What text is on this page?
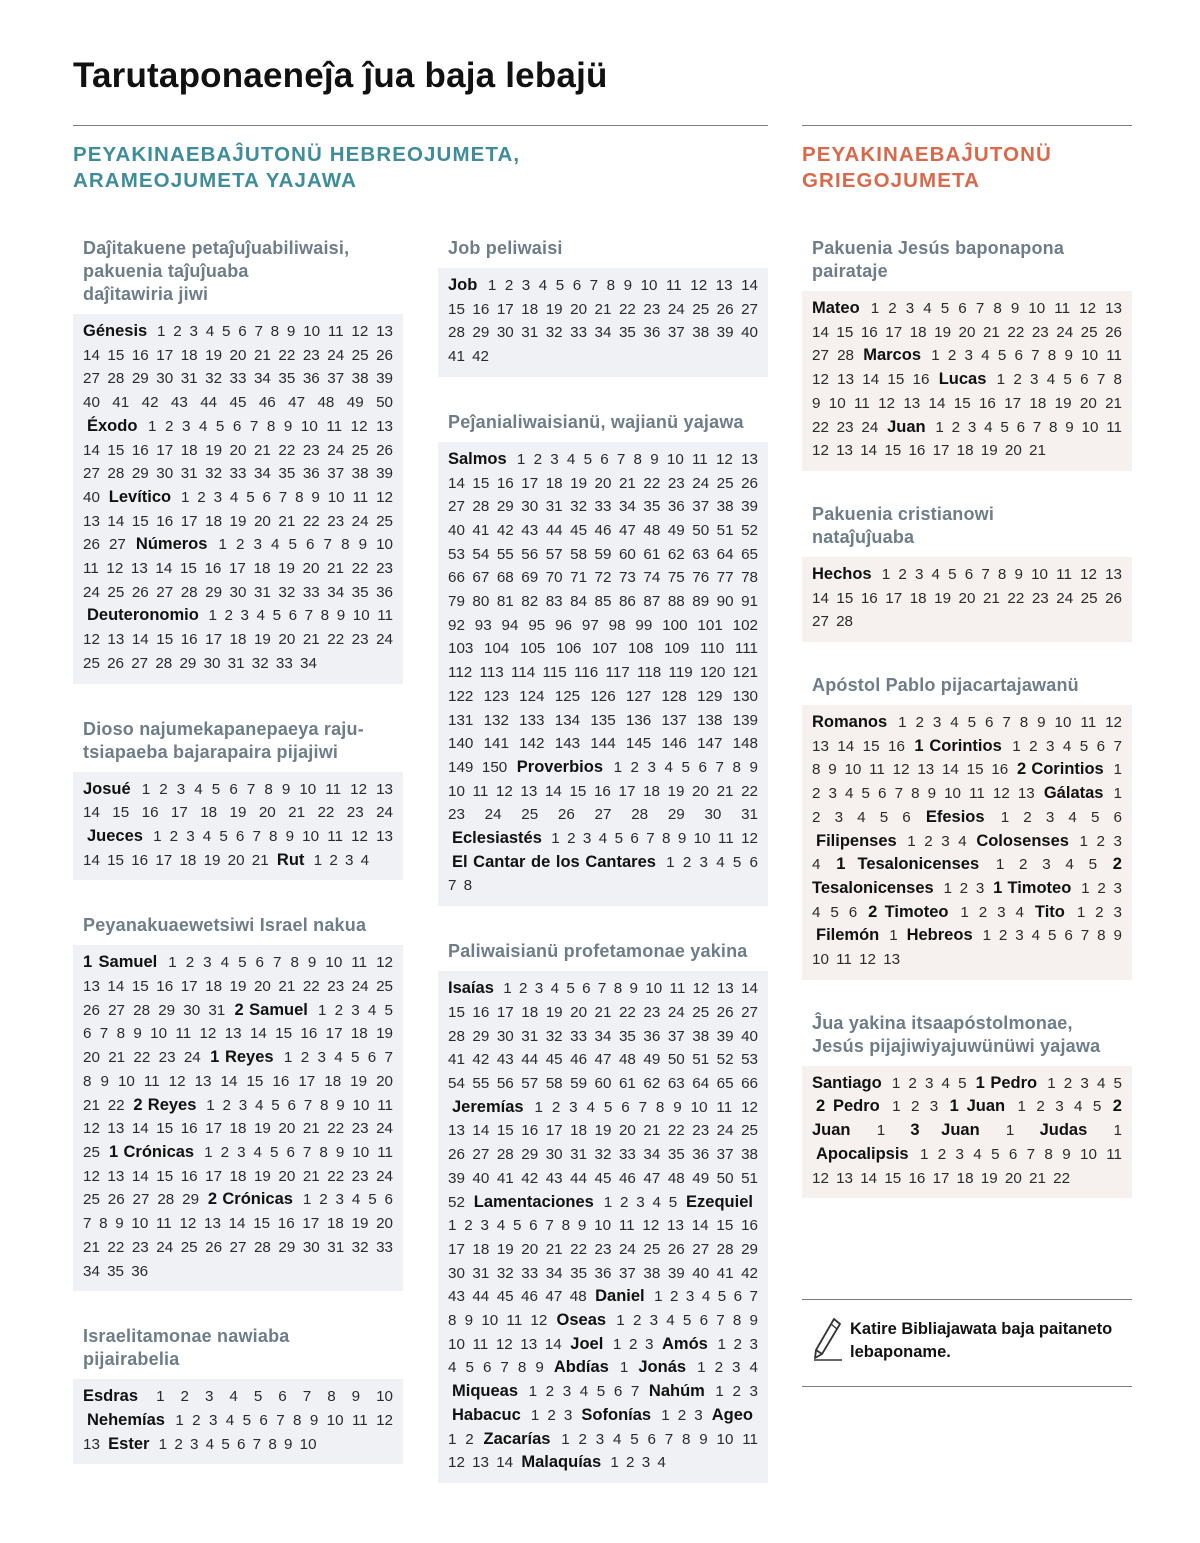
Tarutaponaeneĵa ĵua baja lebajü
PEYAKINAEBAĴUTONÜ HEBREOJUMETA,
ARAMEOJUMETA YAJAWA
PEYAKINAEBAĴUTONÜ
GRIEGOJUMETA
Daĵitakuene petaĵuĵuabiliwaisi,
pakuenia taĵuĵuaba
daĵitawiria jiwi
Génesis 1 2 3 4 5 6 7 8 9 10 11 12 13 14 15 16 17 18 19 20 21 22 23 24 25 26 27 28 29 30 31 32 33 34 35 36 37 38 39 40 41 42 43 44 45 46 47 48 49 50 Éxodo 1 2 3 4 5 6 7 8 9 10 11 12 13 14 15 16 17 18 19 20 21 22 23 24 25 26 27 28 29 30 31 32 33 34 35 36 37 38 39 40 Levítico 1 2 3 4 5 6 7 8 9 10 11 12 13 14 15 16 17 18 19 20 21 22 23 24 25 26 27 Números 1 2 3 4 5 6 7 8 9 10 11 12 13 14 15 16 17 18 19 20 21 22 23 24 25 26 27 28 29 30 31 32 33 34 35 36 Deuteronomio 1 2 3 4 5 6 7 8 9 10 11 12 13 14 15 16 17 18 19 20 21 22 23 24 25 26 27 28 29 30 31 32 33 34
Dioso najumekapanepaeya raju-
tsiapaeba bajarapaira pijajiwi
Josué 1 2 3 4 5 6 7 8 9 10 11 12 13 14 15 16 17 18 19 20 21 22 23 24 Jueces 1 2 3 4 5 6 7 8 9 10 11 12 13 14 15 16 17 18 19 20 21 Rut 1 2 3 4
Peyanakuaewetsiwi Israel nakua
1 Samuel 1 2 3 4 5 6 7 8 9 10 11 12 13 14 15 16 17 18 19 20 21 22 23 24 25 26 27 28 29 30 31 2 Samuel 1 2 3 4 5 6 7 8 9 10 11 12 13 14 15 16 17 18 19 20 21 22 23 24 1 Reyes 1 2 3 4 5 6 7 8 9 10 11 12 13 14 15 16 17 18 19 20 21 22 2 Reyes 1 2 3 4 5 6 7 8 9 10 11 12 13 14 15 16 17 18 19 20 21 22 23 24 25 1 Crónicas 1 2 3 4 5 6 7 8 9 10 11 12 13 14 15 16 17 18 19 20 21 22 23 24 25 26 27 28 29 2 Crónicas 1 2 3 4 5 6 7 8 9 10 11 12 13 14 15 16 17 18 19 20 21 22 23 24 25 26 27 28 29 30 31 32 33 34 35 36
Israelitamonae nawiaba
pijairabelia
Esdras 1 2 3 4 5 6 7 8 9 10 Nehemías 1 2 3 4 5 6 7 8 9 10 11 12 13 Ester 1 2 3 4 5 6 7 8 9 10
Job peliwaisi
Job 1 2 3 4 5 6 7 8 9 10 11 12 13 14 15 16 17 18 19 20 21 22 23 24 25 26 27 28 29 30 31 32 33 34 35 36 37 38 39 40 41 42
Peĵanialiwaisianü, wajianü yajawa
Salmos 1 2 3 4 5 6 7 8 9 10 11 12 13 14 15 16 17 18 19 20 21 22 23 24 25 26 27 28 29 30 31 32 33 34 35 36 37 38 39 40 41 42 43 44 45 46 47 48 49 50 51 52 53 54 55 56 57 58 59 60 61 62 63 64 65 66 67 68 69 70 71 72 73 74 75 76 77 78 79 80 81 82 83 84 85 86 87 88 89 90 91 92 93 94 95 96 97 98 99 100 101 102 103 104 105 106 107 108 109 110 111 112 113 114 115 116 117 118 119 120 121 122 123 124 125 126 127 128 129 130 131 132 133 134 135 136 137 138 139 140 141 142 143 144 145 146 147 148 149 150 Proverbios 1 2 3 4 5 6 7 8 9 10 11 12 13 14 15 16 17 18 19 20 21 22 23 24 25 26 27 28 29 30 31 Eclesiastés 1 2 3 4 5 6 7 8 9 10 11 12 El Cantar de los Cantares 1 2 3 4 5 6 7 8
Paliwaisianü profetamonae yakina
Isaías 1 2 3 4 5 6 7 8 9 10 11 12 13 14 15 16 17 18 19 20 21 22 23 24 25 26 27 28 29 30 31 32 33 34 35 36 37 38 39 40 41 42 43 44 45 46 47 48 49 50 51 52 53 54 55 56 57 58 59 60 61 62 63 64 65 66 Jeremías 1 2 3 4 5 6 7 8 9 10 11 12 13 14 15 16 17 18 19 20 21 22 23 24 25 26 27 28 29 30 31 32 33 34 35 36 37 38 39 40 41 42 43 44 45 46 47 48 49 50 51 52 Lamentaciones 1 2 3 4 5 Ezequiel 1 2 3 4 5 6 7 8 9 10 11 12 13 14 15 16 17 18 19 20 21 22 23 24 25 26 27 28 29 30 31 32 33 34 35 36 37 38 39 40 41 42 43 44 45 46 47 48 Daniel 1 2 3 4 5 6 7 8 9 10 11 12 Oseas 1 2 3 4 5 6 7 8 9 10 11 12 13 14 Joel 1 2 3 Amós 1 2 3 4 5 6 7 8 9 Abdías 1 Jonás 1 2 3 4 Miqueas 1 2 3 4 5 6 7 Nahúm 1 2 3 Habacuc 1 2 3 Sofonías 1 2 3 Ageo 1 2 Zacarías 1 2 3 4 5 6 7 8 9 10 11 12 13 14 Malaquías 1 2 3 4
Pakuenia Jesús baponapona
pairataje
Mateo 1 2 3 4 5 6 7 8 9 10 11 12 13 14 15 16 17 18 19 20 21 22 23 24 25 26 27 28 Marcos 1 2 3 4 5 6 7 8 9 10 11 12 13 14 15 16 Lucas 1 2 3 4 5 6 7 8 9 10 11 12 13 14 15 16 17 18 19 20 21 22 23 24 Juan 1 2 3 4 5 6 7 8 9 10 11 12 13 14 15 16 17 18 19 20 21
Pakuenia cristianowi
nataĵuĵuaba
Hechos 1 2 3 4 5 6 7 8 9 10 11 12 13 14 15 16 17 18 19 20 21 22 23 24 25 26 27 28
Apóstol Pablo pijacartajawanü
Romanos 1 2 3 4 5 6 7 8 9 10 11 12 13 14 15 16 1 Corintios 1 2 3 4 5 6 7 8 9 10 11 12 13 14 15 16 2 Corintios 1 2 3 4 5 6 7 8 9 10 11 12 13 Gálatas 1 2 3 4 5 6 Efesios 1 2 3 4 5 6 Filipenses 1 2 3 4 Colosenses 1 2 3 4 1 Tesalonicenses 1 2 3 4 5 2 Tesalonicenses 1 2 3 1 Timoteo 1 2 3 4 5 6 2 Timoteo 1 2 3 4 Tito 1 2 3 Filemón 1 Hebreos 1 2 3 4 5 6 7 8 9 10 11 12 13
Ĵua yakina itsaapóstolmonae,
Jesús pijajiwiyajuwünüwi yajawa
Santiago 1 2 3 4 5 1 Pedro 1 2 3 4 5 2 Pedro 1 2 3 1 Juan 1 2 3 4 5 2 Juan 1 3 Juan 1 Judas 1 Apocalipsis 1 2 3 4 5 6 7 8 9 10 11 12 13 14 15 16 17 18 19 20 21 22
Katire Bibliajawata baja paitaneto
lebaponame.
